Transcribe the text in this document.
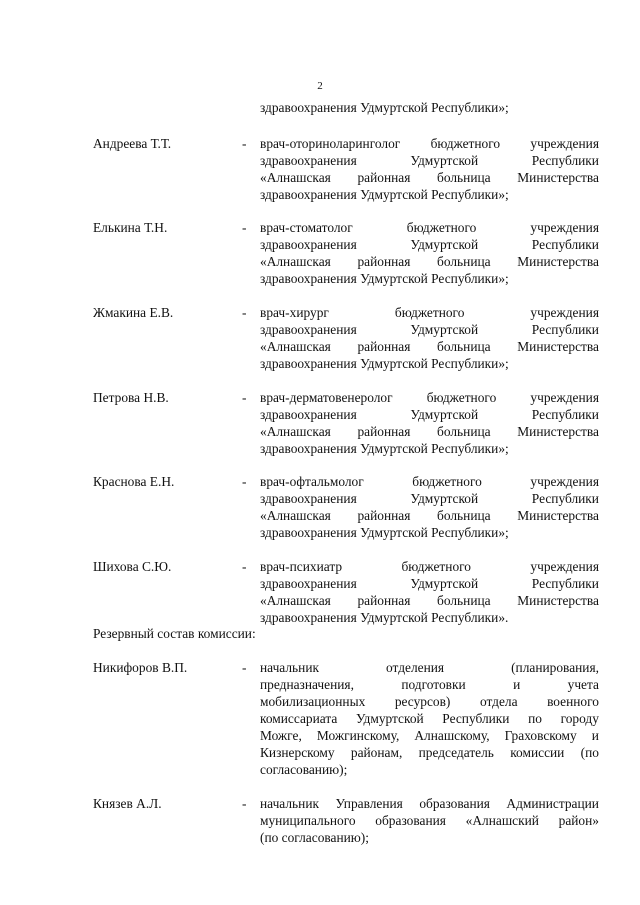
2
здравоохранения Удмуртской Республики»;
Андреева Т.Т.	- врач-оториноларинголог бюджетного учреждения
здравоохранения	Удмуртской	Республики
«Алнашская районная больница Министерства
здравоохранения Удмуртской Республики»;
Елькина Т.Н.	- врач-стоматолог	бюджетного	учреждения
здравоохранения	Удмуртской	Республики
«Алнашская районная больница Министерства
здравоохранения Удмуртской Республики»;
Жмакина Е.В.	- врач-хирург	бюджетного	учреждения
здравоохранения	Удмуртской	Республики
«Алнашская районная больница Министерства
здравоохранения Удмуртской Республики»;
Петрова Н.В.	- врач-дерматовенеролог	бюджетного	учреждения
здравоохранения	Удмуртской	Республики
«Алнашская районная больница Министерства
здравоохранения Удмуртской Республики»;
Краснова Е.Н.	- врач-офтальмолог	бюджетного	учреждения
здравоохранения	Удмуртской	Республики
«Алнашская районная больница Министерства
здравоохранения Удмуртской Республики»;
Шихова С.Ю.	- врач-психиатр	бюджетного	учреждения
здравоохранения	Удмуртской	Республики
«Алнашская районная больница Министерства
здравоохранения Удмуртской Республики».
Резервный состав комиссии:
Никифоров В.П.	- начальник	отделения	(планирования,
предназначения,	подготовки	и	учета
мобилизационных ресурсов) отдела военного
комиссариата Удмуртской Республики по городу
Можге, Можгинскому, Алнашскому, Граховскому и
Кизнерскому районам, председатель комиссии (по
согласованию);
Князев А.Л.	- начальник Управления образования Администрации
муниципального образования «Алнашский район»
(по согласованию);
